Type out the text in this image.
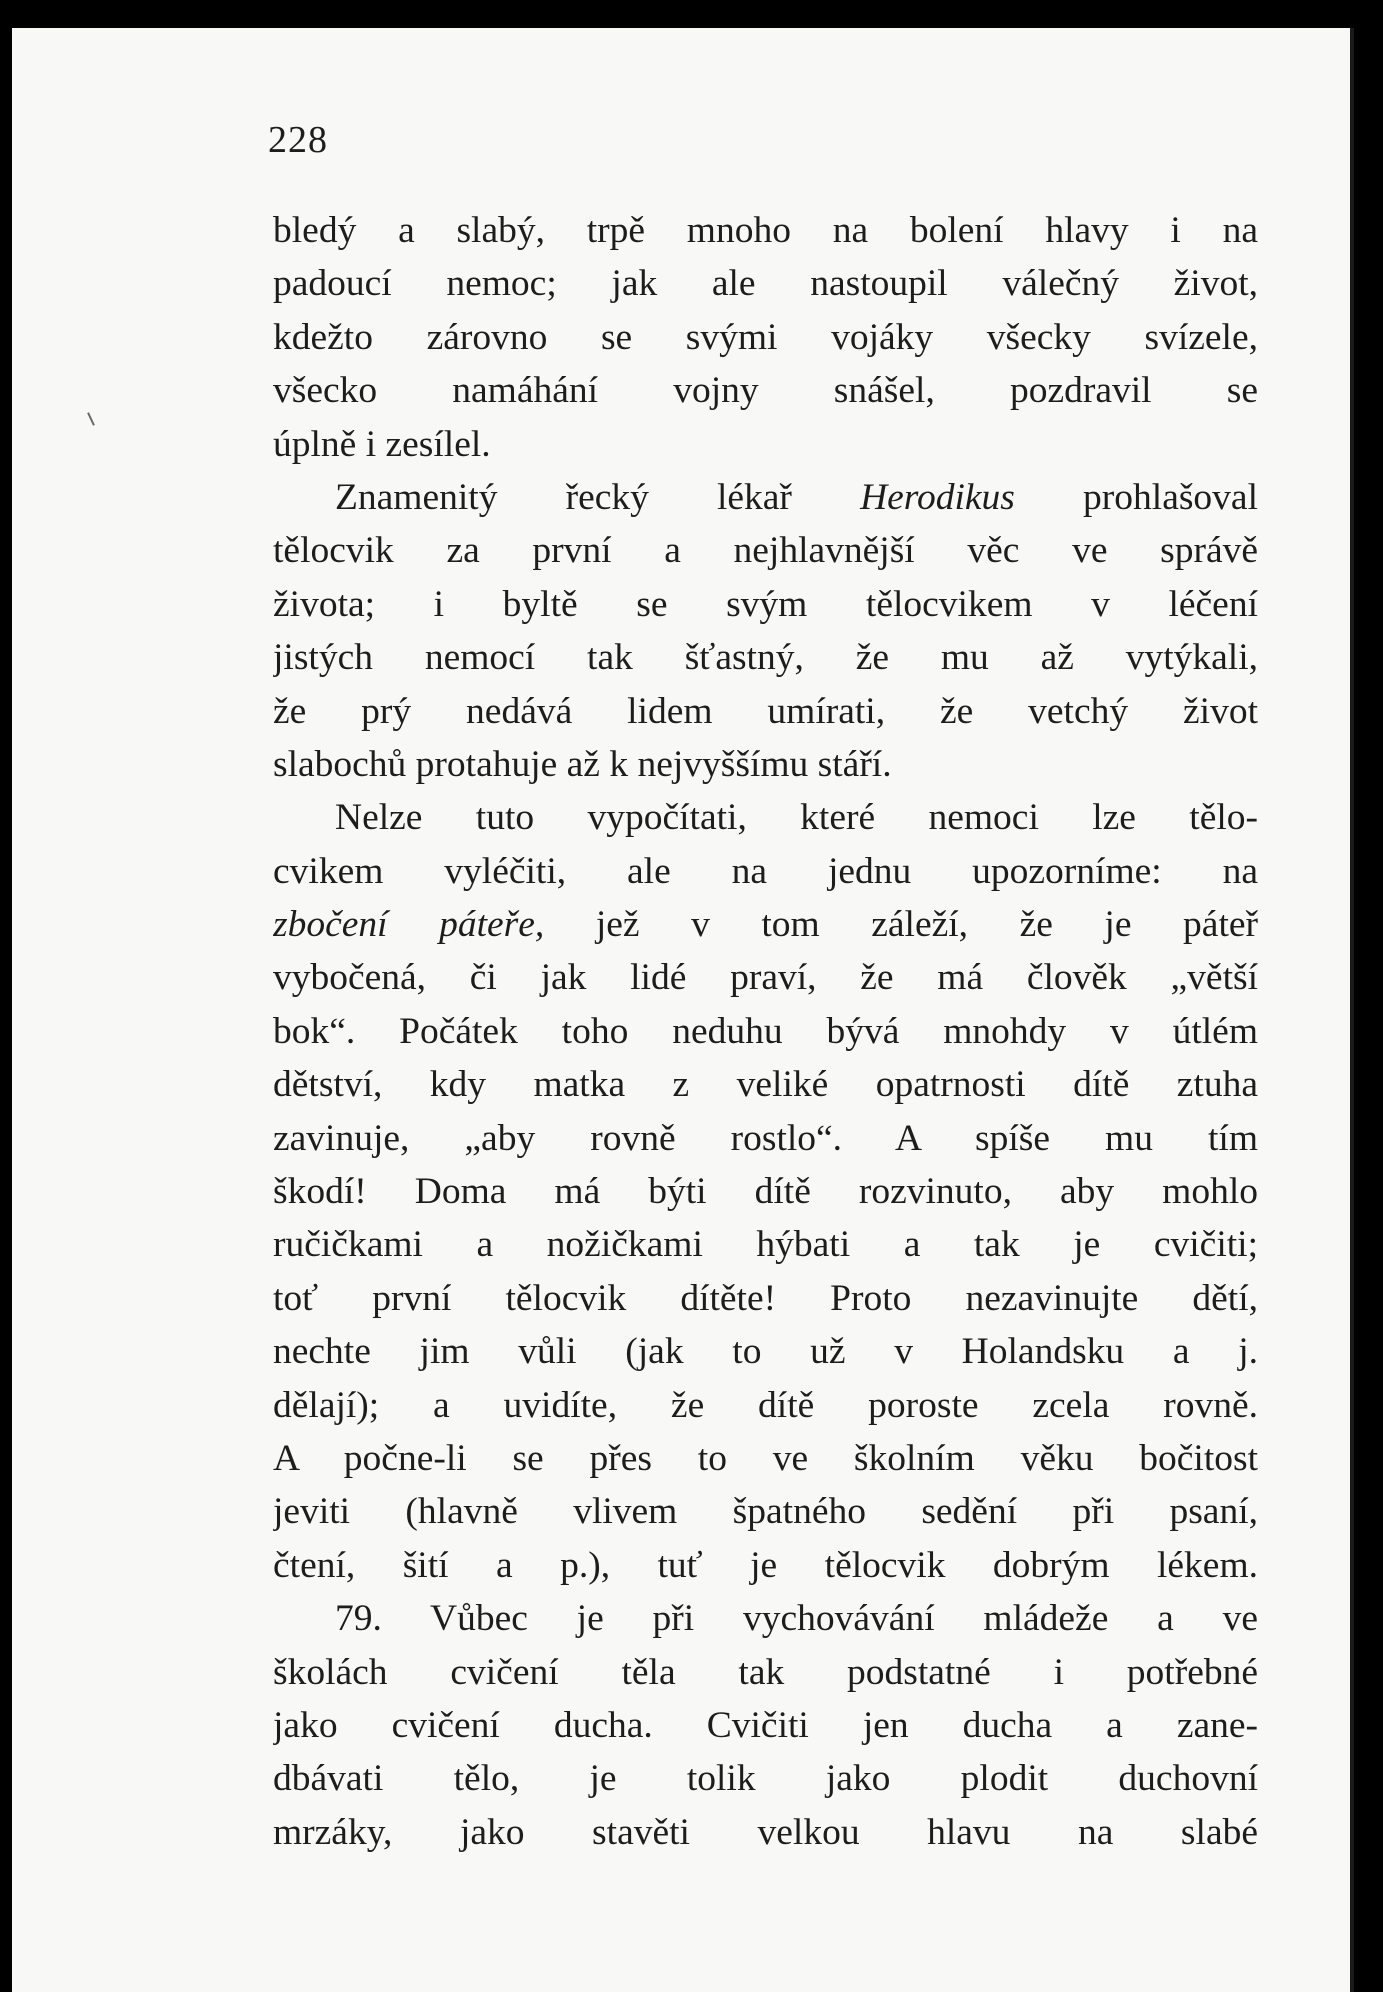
228
bledý a slabý, trpě mnoho na bolení hlavy i na
padoucí nemoc; jak ale nastoupil válečný život,
kdežto zárovno se svými vojáky všecky svízele,
všecko namáhání vojny snášel, pozdravil se
úplně i zesílel.
Znamenitý řecký lékař Herodikus prohlašoval
tělocvik za první a nejhlavnější věc ve správě
života; i byltě se svým tělocvikem v léčení
jistých nemocí tak šťastný, že mu až vytýkali,
že prý nedává lidem umírati, že vetchý život
slabochů protahuje až k nejvyššímu stáří.
Nelze tuto vypočítati, které nemoci lze tělo-
cvikem vyléčiti, ale na jednu upozorníme: na
zbočení páteře, jež v tom záleží, že je páteř
vybočená, či jak lidé praví, že má člověk „větší
bok“. Počátek toho neduhu bývá mnohdy v útlém
dětství, kdy matka z veliké opatrnosti dítě ztuha
zavinuje, „aby rovně rostlo“. A spíše mu tím
škodí! Doma má býti dítě rozvinuto, aby mohlo
ručičkami a nožičkami hýbati a tak je cvičiti;
toť první tělocvik dítěte! Proto nezavinujte dětí,
nechte jim vůli (jak to už v Holandsku a j.
dělají); a uvidíte, že dítě poroste zcela rovně.
A počne-li se přes to ve školním věku bočitost
jeviti (hlavně vlivem špatného sedění při psaní,
čtení, šití a p.), tuť je tělocvik dobrým lékem.
79. Vůbec je při vychovávání mládeže a ve
školách cvičení těla tak podstatné i potřebné
jako cvičení ducha. Cvičiti jen ducha a zane-
dbávati tělo, je tolik jako plodit duchovní
mrzáky, jako stavěti velkou hlavu na slabé
